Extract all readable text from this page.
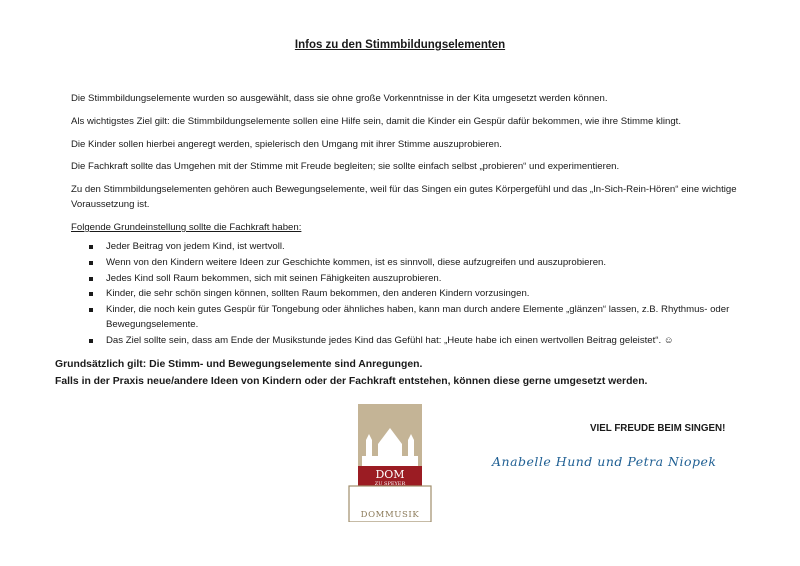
Infos zu den Stimmbildungselementen

Die Stimmbildungselemente wurden so ausgewählt, dass sie ohne große Vorkenntnisse in der Kita umgesetzt werden können.

Als wichtigstes Ziel gilt: die Stimmbildungselemente sollen eine Hilfe sein, damit die Kinder ein Gespür dafür bekommen, wie ihre Stimme klingt.

Die Kinder sollen hierbei angeregt werden, spielerisch den Umgang mit ihrer Stimme auszuprobieren.

Die Fachkraft sollte das Umgehen mit der Stimme mit Freude begleiten; sie sollte einfach selbst „probieren“ und experimentieren.

Zu den Stimmbildungselementen gehören auch Bewegungselemente, weil für das Singen ein gutes Körpergefühl und das „In-Sich-Rein-Hören“ eine wichtige Voraussetzung ist.

Folgende Grundeinstellung sollte die Fachkraft haben:

Jeder Beitrag von jedem Kind, ist wertvoll.
Wenn von den Kindern weitere Ideen zur Geschichte kommen, ist es sinnvoll, diese aufzugreifen und auszuprobieren.
Jedes Kind soll Raum bekommen, sich mit seinen Fähigkeiten auszuprobieren.
Kinder, die sehr schön singen können, sollten Raum bekommen, den anderen Kindern vorzusingen.
Kinder, die noch kein gutes Gespür für Tongebung oder ähnliches haben, kann man durch andere Elemente „glänzen“ lassen, z.B. Rhythmus- oder Bewegungselemente.
Das Ziel sollte sein, dass am Ende der Musikstunde jedes Kind das Gefühl hat: „Heute habe ich einen wertvollen Beitrag geleistet“. ☺
Grundsätzlich gilt: Die Stimm- und Bewegungselemente sind Anregungen.
Falls in der Praxis neue/andere Ideen von Kindern oder der Fachkraft entstehen, können diese gerne umgesetzt werden.
DOM
ZU SPEYER
DOMMUSIK
VIEL FREUDE BEIM SINGEN!
Anabelle Hund und Petra Niopek
